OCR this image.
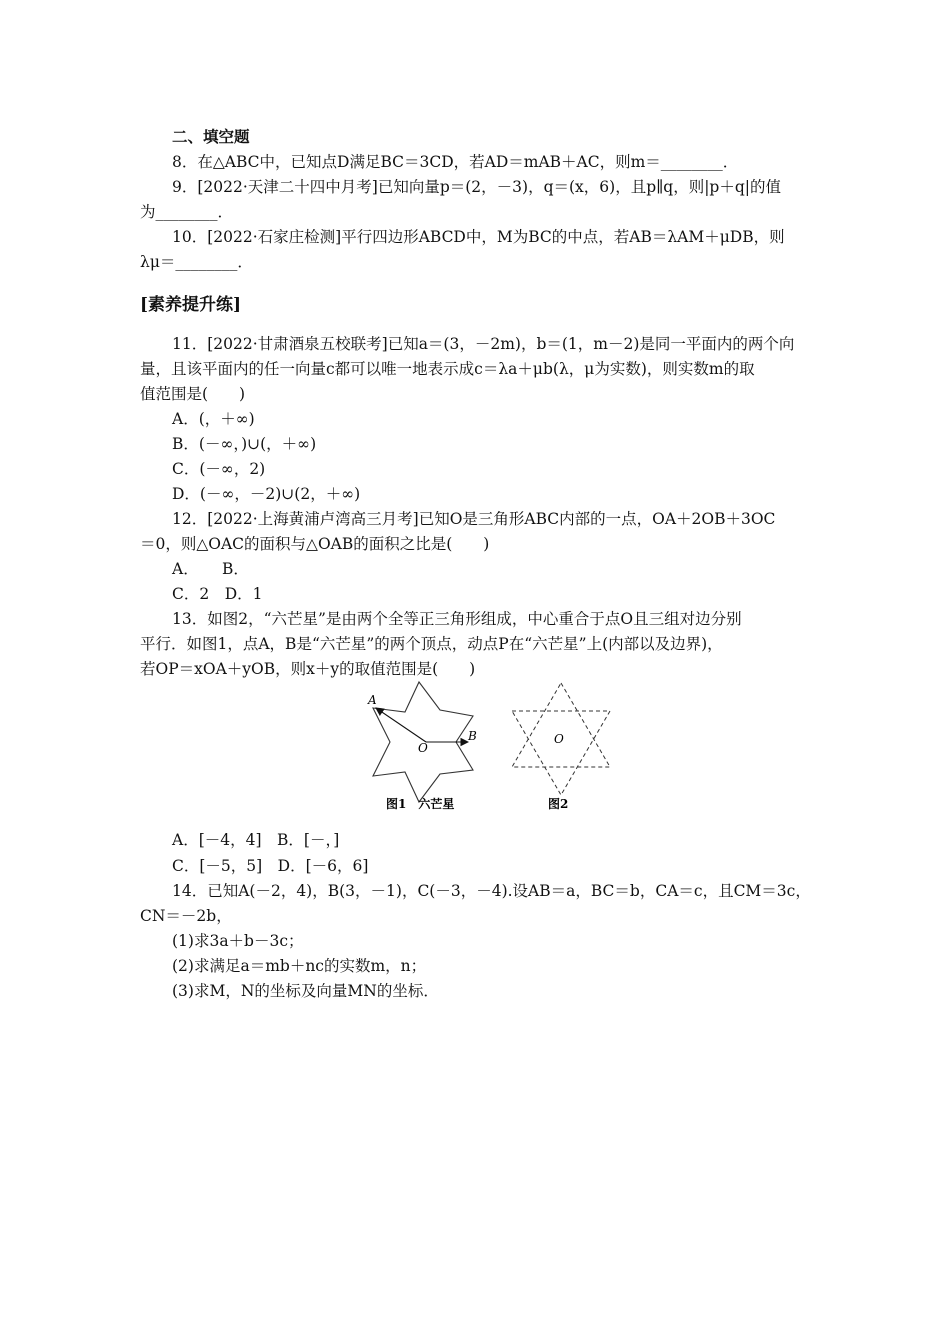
二、填空题
8．在△ABC中，已知点D满足BC＝3CD，若AD＝mAB＋AC，则m＝________．
9．[2022·天津二十四中月考]已知向量p＝(2，－3)，q＝(x，6)，且p∥q，则|p＋q|的值
为________．
10．[2022·石家庄检测]平行四边形ABCD中，M为BC的中点，若AB＝λAM＋μDB，则
λμ＝________．
[素养提升练]
11．[2022·甘肃酒泉五校联考]已知a＝(3，－2m)，b＝(1，m－2)是同一平面内的两个向
量，且该平面内的任一向量c都可以唯一地表示成c＝λa＋μb(λ，μ为实数)，则实数m的取
值范围是(　　)
A．(，＋∞)
B．(－∞，)∪(，＋∞)
C．(－∞，2)
D．(－∞，－2)∪(2，＋∞)
12．[2022·上海黄浦卢湾高三月考]已知O是三角形ABC内部的一点，OA＋2OB＋3OC
＝0，则△OAC的面积与△OAB的面积之比是(　　)
A．　　B．
C．2　D．1
13．如图2，“六芒星”是由两个全等正三角形组成，中心重合于点O且三组对边分别
平行．如图1，点A，B是“六芒星”的两个顶点，动点P在“六芒星”上(内部以及边界)，
若OP＝xOA＋yOB，则x＋y的取值范围是(　　)
A
B
O
O
图1　六芒星	图2
A．[－4，4]　B．[－，]
C．[－5，5]　D．[－6，6]
14．已知A(－2，4)，B(3，－1)，C(－3，－4).设AB＝a，BC＝b，CA＝c，且CM＝3c，
CN＝－2b，
(1)求3a＋b－3c；
(2)求满足a＝mb＋nc的实数m，n；
(3)求M，N的坐标及向量MN的坐标．
